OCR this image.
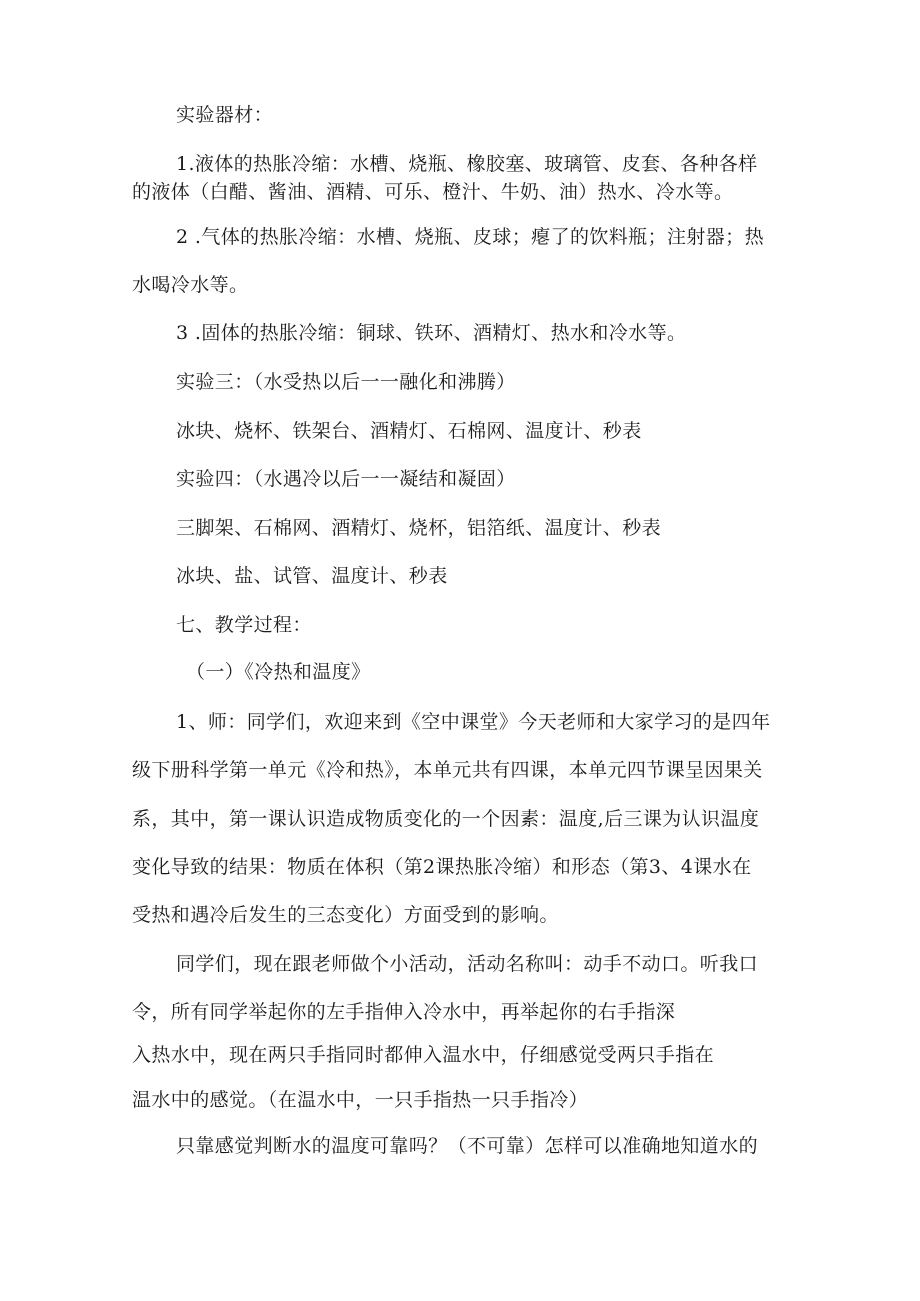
实验器材：
1.液体的热胀冷缩：水槽、烧瓶、橡胶塞、玻璃管、皮套、各种各样
的液体（白醋、酱油、酒精、可乐、橙汁、牛奶、油）热水、冷水等。
2 .气体的热胀冷缩：水槽、烧瓶、皮球；瘪了的饮料瓶；注射器；热
水喝冷水等。
3 .固体的热胀冷缩：铜球、铁环、酒精灯、热水和冷水等。
实验三：（水受热以后一一融化和沸腾）
冰块、烧杯、铁架台、酒精灯、石棉网、温度计、秒表
实验四：（水遇冷以后一一凝结和凝固）
三脚架、石棉网、酒精灯、烧杯，铝箔纸、温度计、秒表
冰块、盐、试管、温度计、秒表
七、教学过程：
（一）《冷热和温度》
1、师：同学们，欢迎来到《空中课堂》今天老师和大家学习的是四年
级下册科学第一单元《冷和热》，本单元共有四课，本单元四节课呈因果关
系，其中，第一课认识造成物质变化的一个因素：温度,后三课为认识温度
变化导致的结果：物质在体积（第2课热胀冷缩）和形态（第3、4课水在
受热和遇冷后发生的三态变化）方面受到的影响。
同学们，现在跟老师做个小活动，活动名称叫：动手不动口。听我口
令，所有同学举起你的左手指伸入冷水中，再举起你的右手指深
入热水中，现在两只手指同时都伸入温水中，仔细感觉受两只手指在
温水中的感觉。（在温水中，一只手指热一只手指冷）
只靠感觉判断水的温度可靠吗？（不可靠）怎样可以准确地知道水的
